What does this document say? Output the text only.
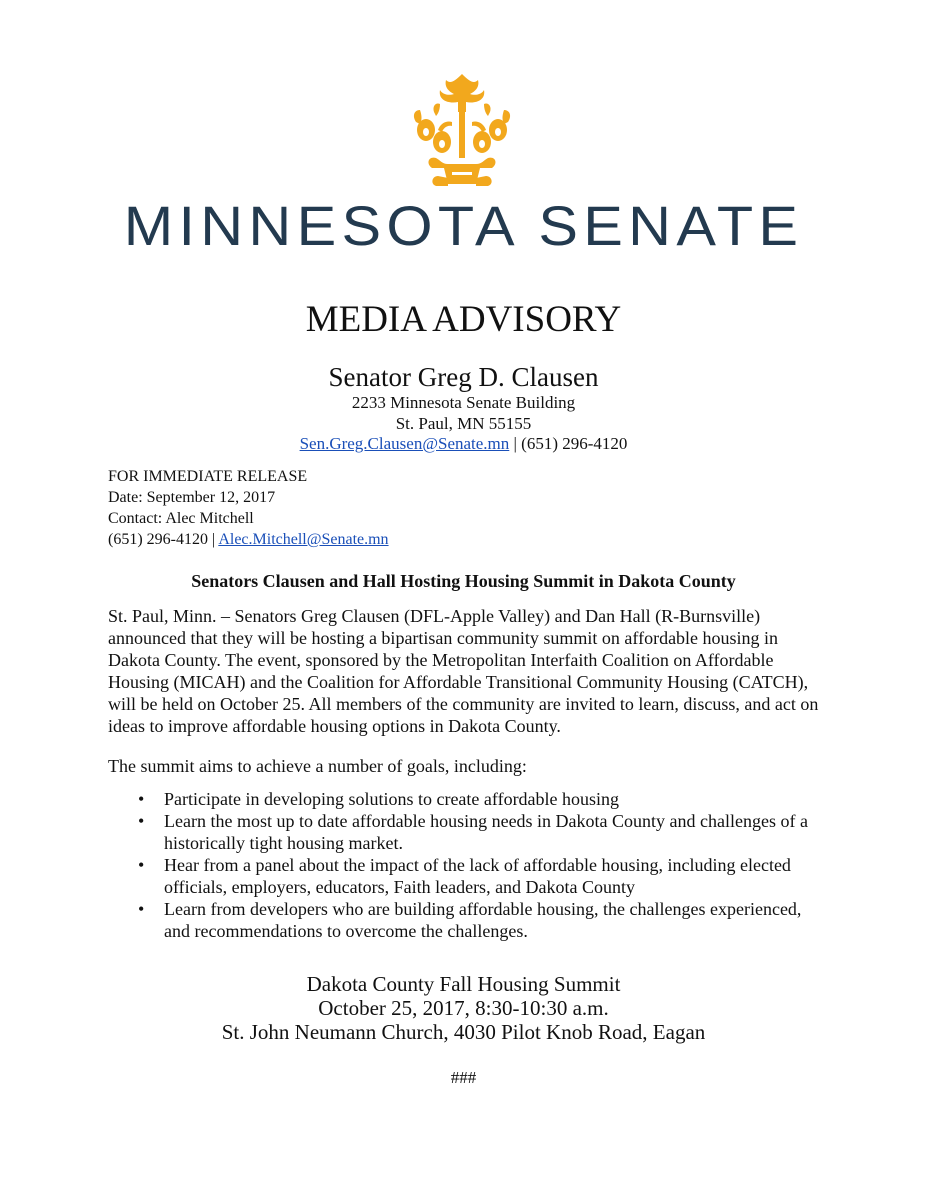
MINNESOTA SENATE
MEDIA ADVISORY
Senator Greg D. Clausen
2233 Minnesota Senate Building
St. Paul, MN 55155
Sen.Greg.Clausen@Senate.mn | (651) 296-4120
FOR IMMEDIATE RELEASE
Date: September 12, 2017
Contact: Alec Mitchell
(651) 296-4120 | Alec.Mitchell@Senate.mn
Senators Clausen and Hall Hosting Housing Summit in Dakota County
St. Paul, Minn. – Senators Greg Clausen (DFL-Apple Valley) and Dan Hall (R-Burnsville) announced that they will be hosting a bipartisan community summit on affordable housing in Dakota County. The event, sponsored by the Metropolitan Interfaith Coalition on Affordable Housing (MICAH) and the Coalition for Affordable Transitional Community Housing (CATCH), will be held on October 25. All members of the community are invited to learn, discuss, and act on ideas to improve affordable housing options in Dakota County.
The summit aims to achieve a number of goals, including:
• Participate in developing solutions to create affordable housing
• Learn the most up to date affordable housing needs in Dakota County and challenges of a historically tight housing market.
• Hear from a panel about the impact of the lack of affordable housing, including elected officials, employers, educators, Faith leaders, and Dakota County
• Learn from developers who are building affordable housing, the challenges experienced, and recommendations to overcome the challenges.
Dakota County Fall Housing Summit
October 25, 2017, 8:30-10:30 a.m.
St. John Neumann Church, 4030 Pilot Knob Road, Eagan
###
